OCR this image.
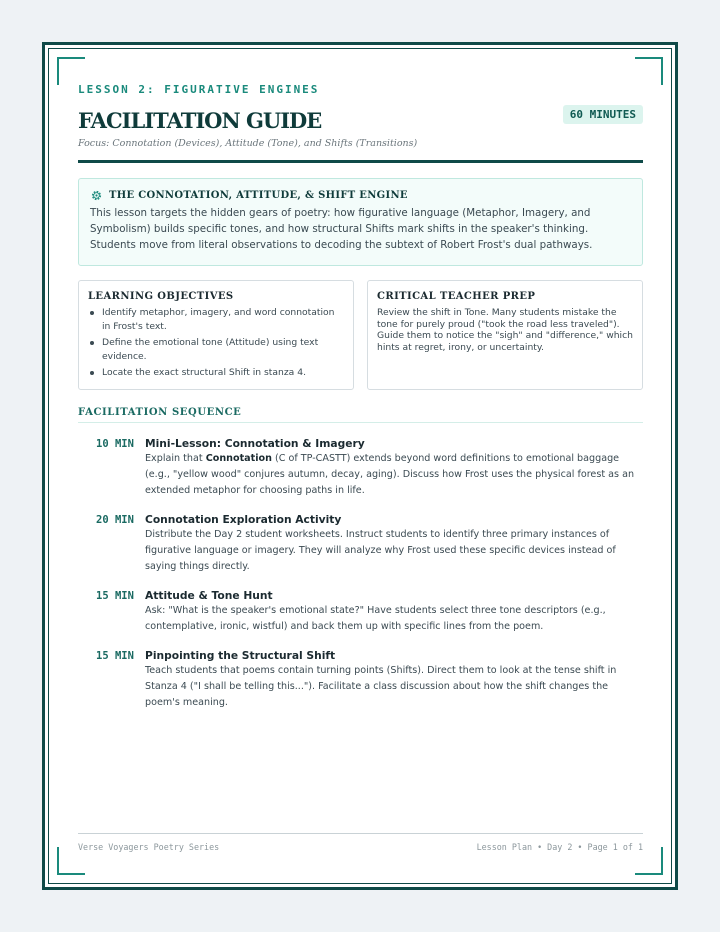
LESSON 2: FIGURATIVE ENGINES
FACILITATION GUIDE	60 MINUTES
Focus: Connotation (Devices), Attitude (Tone), and Shifts (Transitions)
THE CONNOTATION, ATTITUDE, & SHIFT ENGINE
This lesson targets the hidden gears of poetry: how figurative language (Metaphor, Imagery, and Symbolism) builds specific tones, and how structural Shifts mark shifts in the speaker's thinking. Students move from literal observations to decoding the subtext of Robert Frost's dual pathways.
LEARNING OBJECTIVES
Identify metaphor, imagery, and word connotation in Frost's text.
Define the emotional tone (Attitude) using text evidence.
Locate the exact structural Shift in stanza 4.
CRITICAL TEACHER PREP
Review the shift in Tone. Many students mistake the tone for purely proud ("took the road less traveled"). Guide them to notice the "sigh" and "difference," which hints at regret, irony, or uncertainty.
FACILITATION SEQUENCE
10 MIN	Mini-Lesson: Connotation & Imagery
Explain that Connotation (C of TP-CASTT) extends beyond word definitions to emotional baggage (e.g., "yellow wood" conjures autumn, decay, aging). Discuss how Frost uses the physical forest as an extended metaphor for choosing paths in life.
20 MIN	Connotation Exploration Activity
Distribute the Day 2 student worksheets. Instruct students to identify three primary instances of figurative language or imagery. They will analyze why Frost used these specific devices instead of saying things directly.
15 MIN	Attitude & Tone Hunt
Ask: "What is the speaker's emotional state?" Have students select three tone descriptors (e.g., contemplative, ironic, wistful) and back them up with specific lines from the poem.
15 MIN	Pinpointing the Structural Shift
Teach students that poems contain turning points (Shifts). Direct them to look at the tense shift in Stanza 4 ("I shall be telling this..."). Facilitate a class discussion about how the shift changes the poem's meaning.
Verse Voyagers Poetry Series	Lesson Plan • Day 2 • Page 1 of 1
